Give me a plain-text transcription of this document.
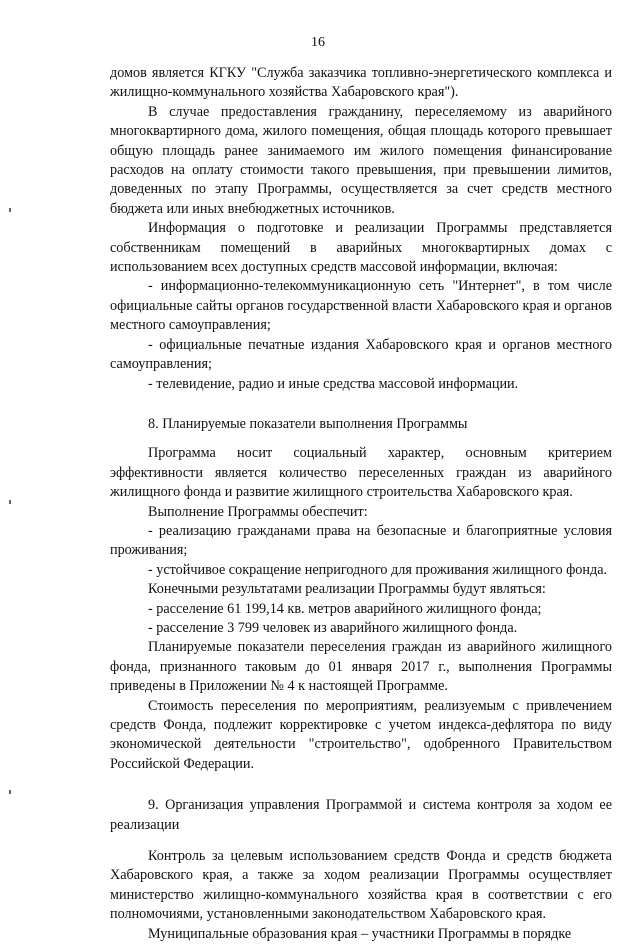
16

домов является КГКУ "Служба заказчика топливно-энергетического комплекса и жилищно-коммунального хозяйства Хабаровского края").

В случае предоставления гражданину, переселяемому из аварийного многоквартирного дома, жилого помещения, общая площадь которого превышает общую площадь ранее занимаемого им жилого помещения финансирование расходов на оплату стоимости такого превышения, при превышении лимитов, доведенных по этапу Программы, осуществляется за счет средств местного бюджета или иных внебюджетных источников.

Информация о подготовке и реализации Программы представляется собственникам помещений в аварийных многоквартирных домах с использованием всех доступных средств массовой информации, включая:

- информационно-телекоммуникационную сеть "Интернет", в том числе официальные сайты органов государственной власти Хабаровского края и органов местного самоуправления;

- официальные печатные издания Хабаровского края и органов местного самоуправления;

- телевидение, радио и иные средства массовой информации.

8. Планируемые показатели выполнения Программы

Программа носит социальный характер, основным критерием эффективности является количество переселенных граждан из аварийного жилищного фонда и развитие жилищного строительства Хабаровского края.

Выполнение Программы обеспечит:

- реализацию гражданами права на безопасные и благоприятные условия проживания;

- устойчивое сокращение непригодного для проживания жилищного фонда.

Конечными результатами реализации Программы будут являться:

- расселение 61 199,14 кв. метров аварийного жилищного фонда;

- расселение 3 799 человек из аварийного жилищного фонда.

Планируемые показатели переселения граждан из аварийного жилищного фонда, признанного таковым до 01 января 2017 г., выполнения Программы приведены в Приложении № 4 к настоящей Программе.

Стоимость переселения по мероприятиям, реализуемым с привлечением средств Фонда, подлежит корректировке с учетом индекса-дефлятора по виду экономической деятельности "строительство", одобренного Правительством Российской Федерации.

9. Организация управления Программой и система контроля за ходом ее реализации

Контроль за целевым использованием средств Фонда и средств бюджета Хабаровского края, а также за ходом реализации Программы осуществляет министерство жилищно-коммунального хозяйства края в соответствии с его полномочиями, установленными законодательством Хабаровского края.

Муниципальные образования края – участники Программы в порядке
